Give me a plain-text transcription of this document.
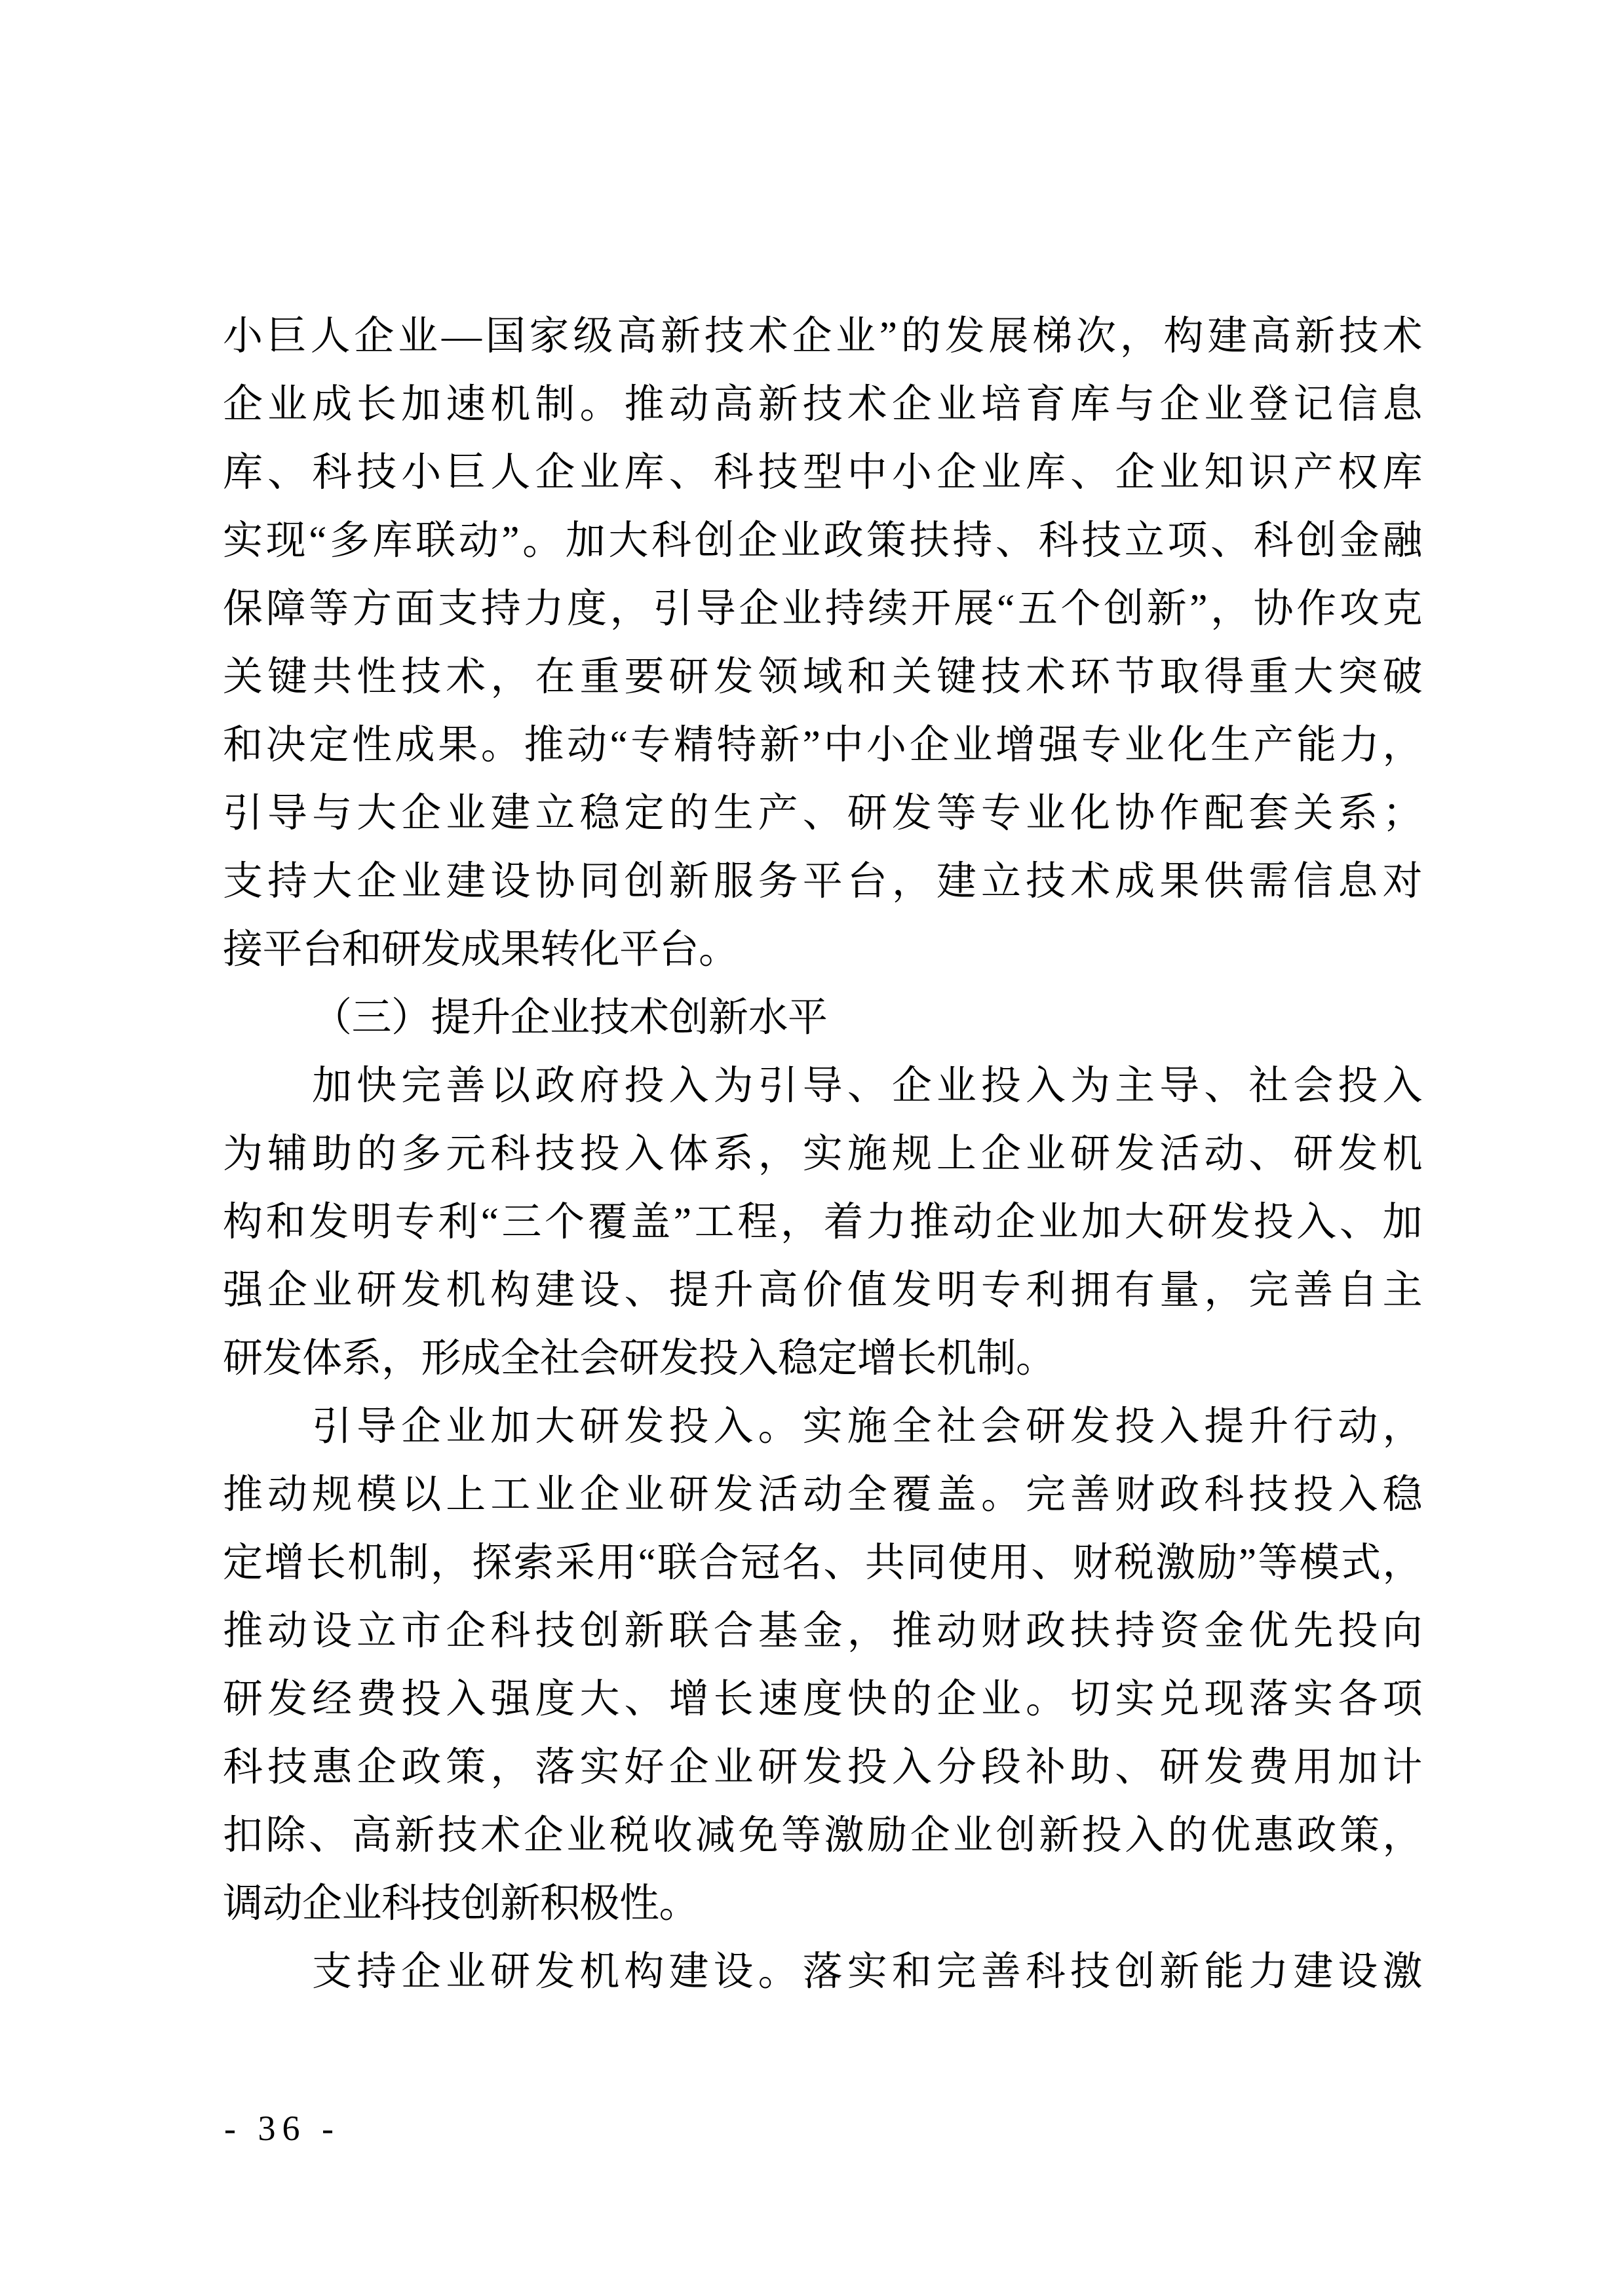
小巨人企业—国家级高新技术企业”的发展梯次，构建高新技术

企业成长加速机制。推动高新技术企业培育库与企业登记信息

库、科技小巨人企业库、科技型中小企业库、企业知识产权库

实现“多库联动”。加大科创企业政策扶持、科技立项、科创金融

保障等方面支持力度，引导企业持续开展“五个创新”，协作攻克

关键共性技术，在重要研发领域和关键技术环节取得重大突破

和决定性成果。推动“专精特新”中小企业增强专业化生产能力，

引导与大企业建立稳定的生产、研发等专业化协作配套关系；

支持大企业建设协同创新服务平台，建立技术成果供需信息对

接平台和研发成果转化平台。

（三）提升企业技术创新水平

加快完善以政府投入为引导、企业投入为主导、社会投入

为辅助的多元科技投入体系，实施规上企业研发活动、研发机

构和发明专利“三个覆盖”工程，着力推动企业加大研发投入、加

强企业研发机构建设、提升高价值发明专利拥有量，完善自主

研发体系，形成全社会研发投入稳定增长机制。

引导企业加大研发投入。实施全社会研发投入提升行动，

推动规模以上工业企业研发活动全覆盖。完善财政科技投入稳

定增长机制，探索采用“联合冠名、共同使用、财税激励”等模式，

推动设立市企科技创新联合基金，推动财政扶持资金优先投向

研发经费投入强度大、增长速度快的企业。切实兑现落实各项

科技惠企政策，落实好企业研发投入分段补助、研发费用加计

扣除、高新技术企业税收减免等激励企业创新投入的优惠政策，

调动企业科技创新积极性。

支持企业研发机构建设。落实和完善科技创新能力建设激

- 36 -
